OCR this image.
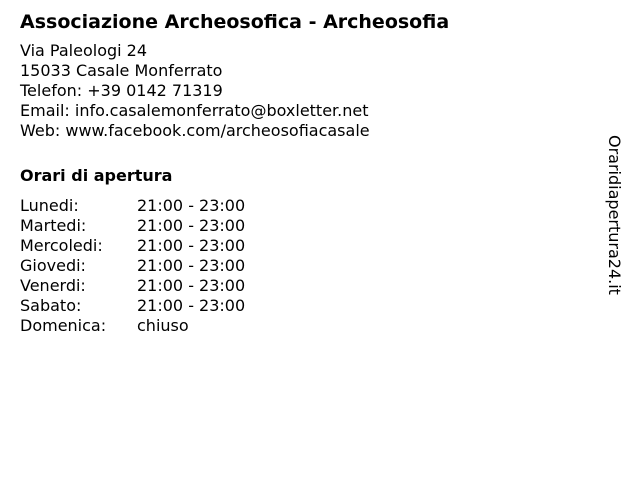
Associazione Archeosofica - Archeosofia
Via Paleologi 24
15033 Casale Monferrato
Telefon: +39 0142 71319
Email: info.casalemonferrato@boxletter.net
Web: www.facebook.com/archeosofiacasale
Orari di apertura
Lunedi:	21:00 - 23:00
Martedi:	21:00 - 23:00
Mercoledi:	21:00 - 23:00
Giovedi:	21:00 - 23:00
Venerdi:	21:00 - 23:00
Sabato:	21:00 - 23:00
Domenica:	chiuso
Oraridiapertura24.it
